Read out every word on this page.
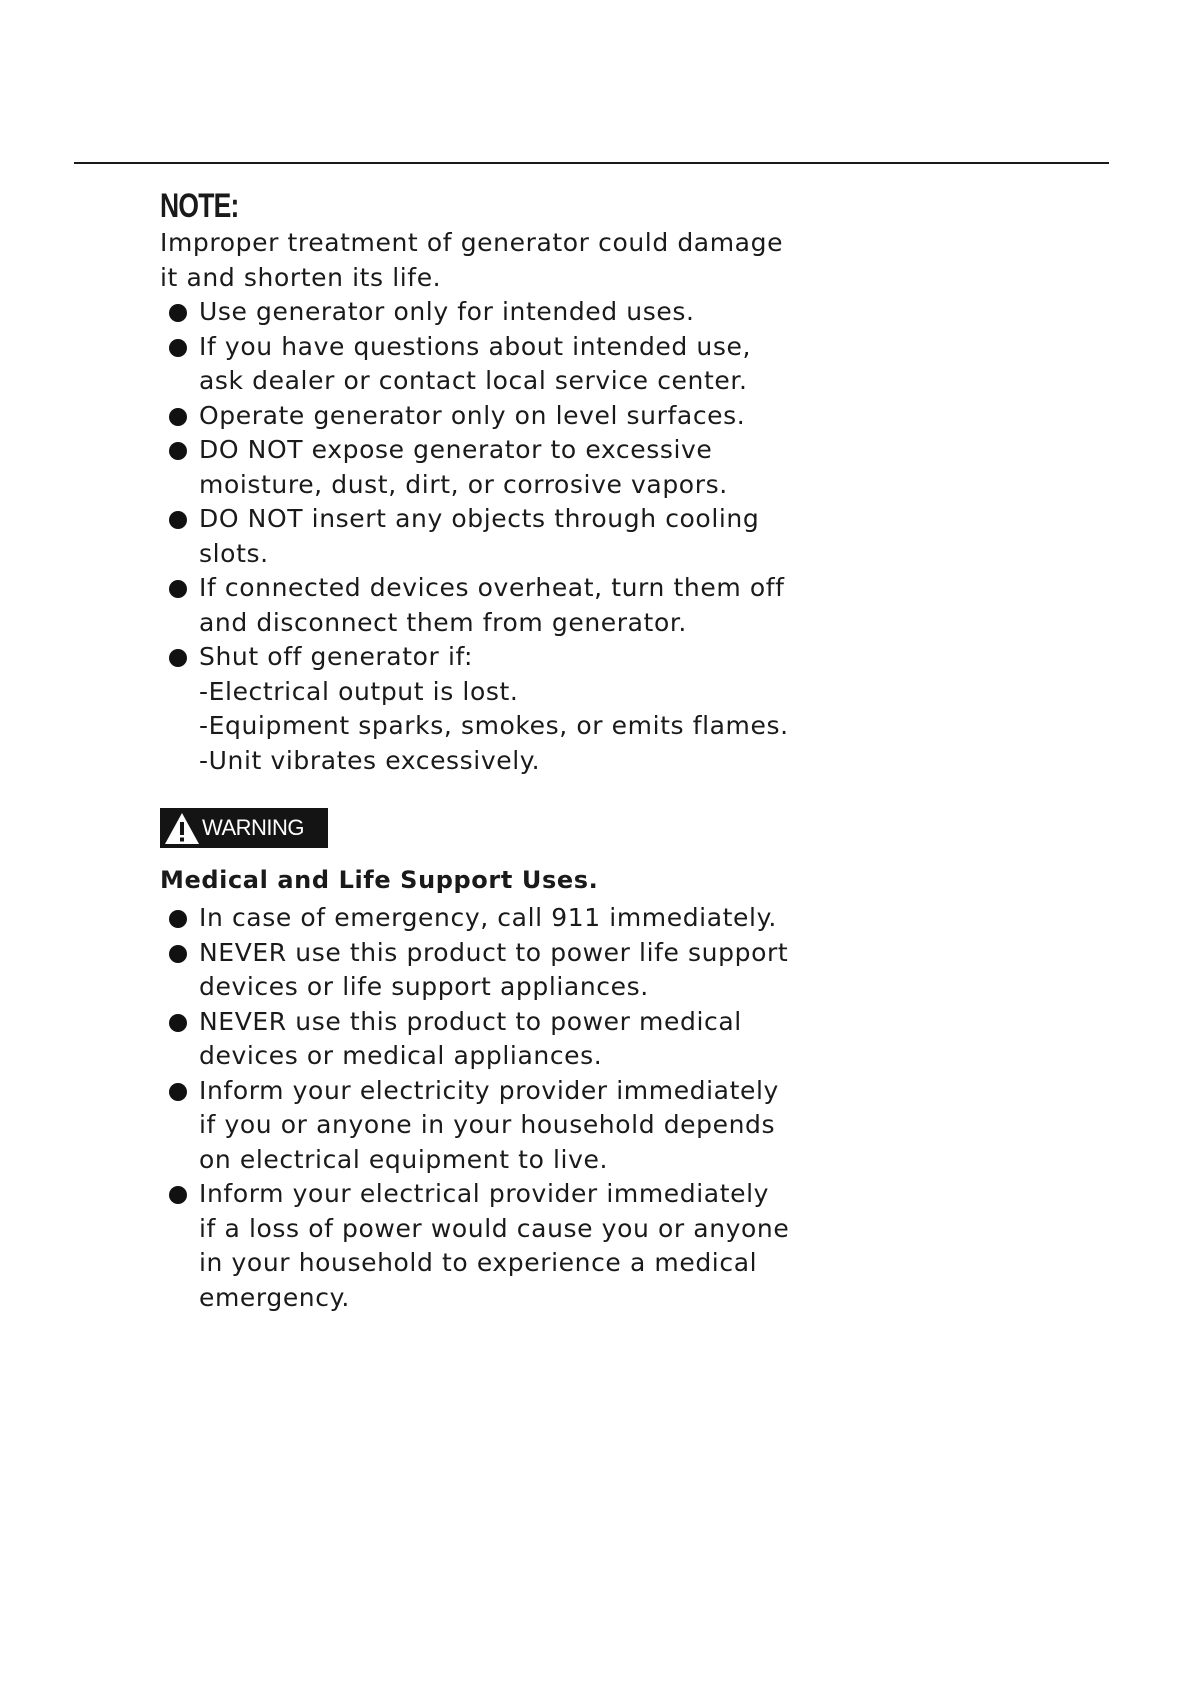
NOTE:

Improper treatment of generator could damage
it and shorten its life.

Use generator only for intended uses.
If you have questions about intended use,
ask dealer or contact local service center.
Operate generator only on level surfaces.
DO NOT expose generator to excessive
moisture, dust, dirt, or corrosive vapors.
DO NOT insert any objects through cooling
slots.
If connected devices overheat, turn them off
and disconnect them from generator.
Shut off generator if:
-Electrical output is lost.
-Equipment sparks, smokes, or emits flames.
-Unit vibrates excessively.
WARNING
Medical and Life Support Uses.
In case of emergency, call 911 immediately.
NEVER use this product to power life support
devices or life support appliances.
NEVER use this product to power medical
devices or medical appliances.
Inform your electricity provider immediately
if you or anyone in your household depends
on electrical equipment to live.
Inform your electrical provider immediately
if a loss of power would cause you or anyone
in your household to experience a medical
emergency.
